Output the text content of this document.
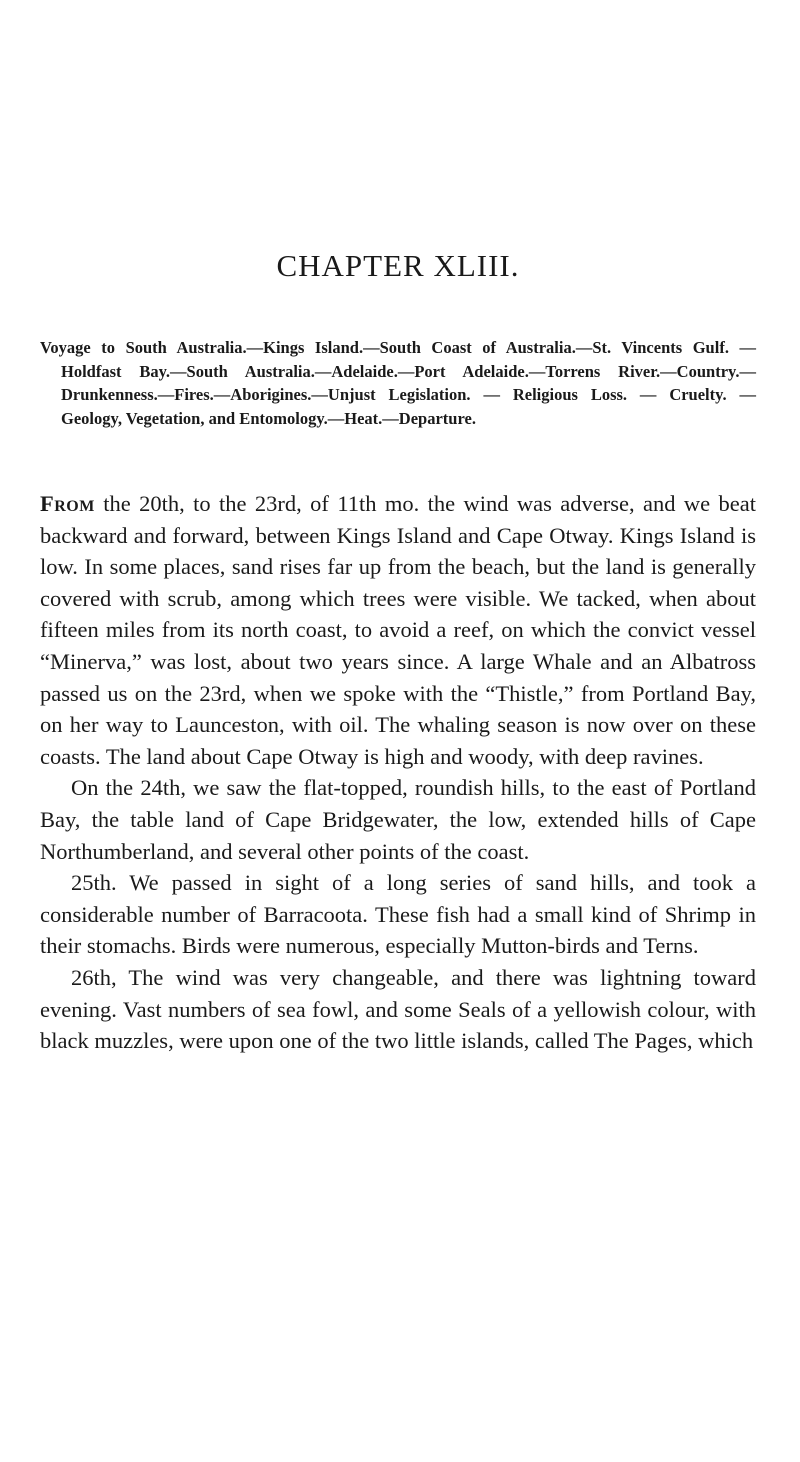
CHAPTER XLIII.
Voyage to South Australia.—Kings Island.—South Coast of Australia.—St. Vincents Gulf. — Holdfast Bay.—South Australia.—Adelaide.—Port Adelaide.—Torrens River.—Country.—Drunkenness.—Fires.—Aborigines.—Unjust Legislation. — Religious Loss. — Cruelty. — Geology, Vegetation, and Entomology.—Heat.—Departure.

From the 20th, to the 23rd, of 11th mo. the wind was adverse, and we beat backward and forward, between Kings Island and Cape Otway. Kings Island is low. In some places, sand rises far up from the beach, but the land is generally covered with scrub, among which trees were visible. We tacked, when about fifteen miles from its north coast, to avoid a reef, on which the convict vessel “Minerva,” was lost, about two years since. A large Whale and an Albatross passed us on the 23rd, when we spoke with the “Thistle,” from Portland Bay, on her way to Launceston, with oil. The whaling season is now over on these coasts. The land about Cape Otway is high and woody, with deep ravines.

On the 24th, we saw the flat-topped, roundish hills, to the east of Portland Bay, the table land of Cape Bridgewater, the low, extended hills of Cape Northumberland, and several other points of the coast.

25th. We passed in sight of a long series of sand hills, and took a considerable number of Barracoota. These fish had a small kind of Shrimp in their stomachs. Birds were numerous, especially Mutton-birds and Terns.

26th, The wind was very changeable, and there was lightning toward evening. Vast numbers of sea fowl, and some Seals of a yellowish colour, with black muzzles, were upon one of the two little islands, called The Pages, which
